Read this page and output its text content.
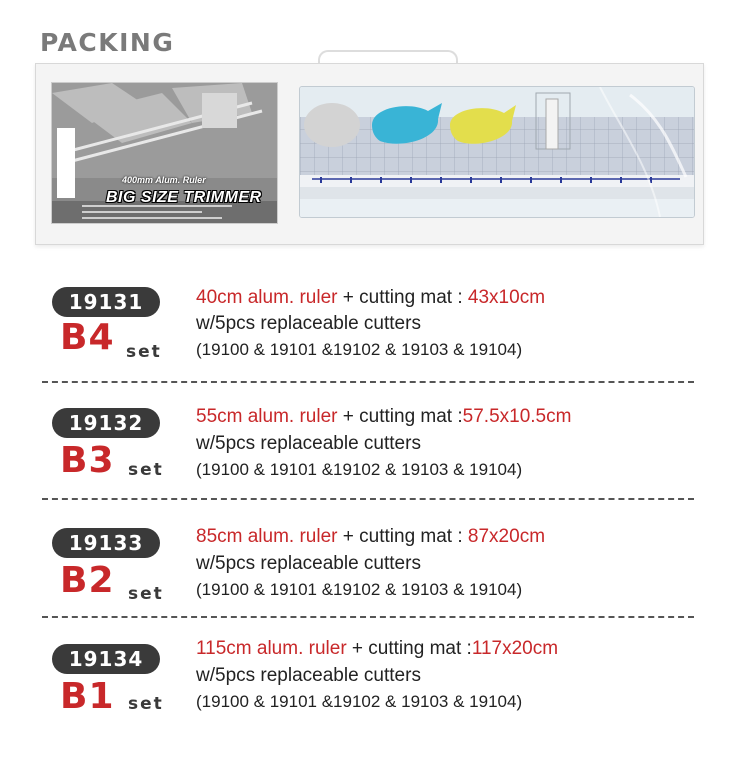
PACKING
400mm Alum. Ruler
BIG SIZE TRIMMER
19131
B4 set
40cm alum. ruler + cutting mat : 43x10cm
w/5pcs replaceable cutters
(19100 & 19101 &19102 & 19103 & 19104)
19132
B3 set
55cm alum. ruler + cutting mat :57.5x10.5cm
w/5pcs replaceable cutters
(19100 & 19101 &19102 & 19103 & 19104)
19133
B2 set
85cm alum. ruler + cutting mat : 87x20cm
w/5pcs replaceable cutters
(19100 & 19101 &19102 & 19103 & 19104)
19134
B1 set
115cm alum. ruler + cutting mat :117x20cm
w/5pcs replaceable cutters
(19100 & 19101 &19102 & 19103 & 19104)
